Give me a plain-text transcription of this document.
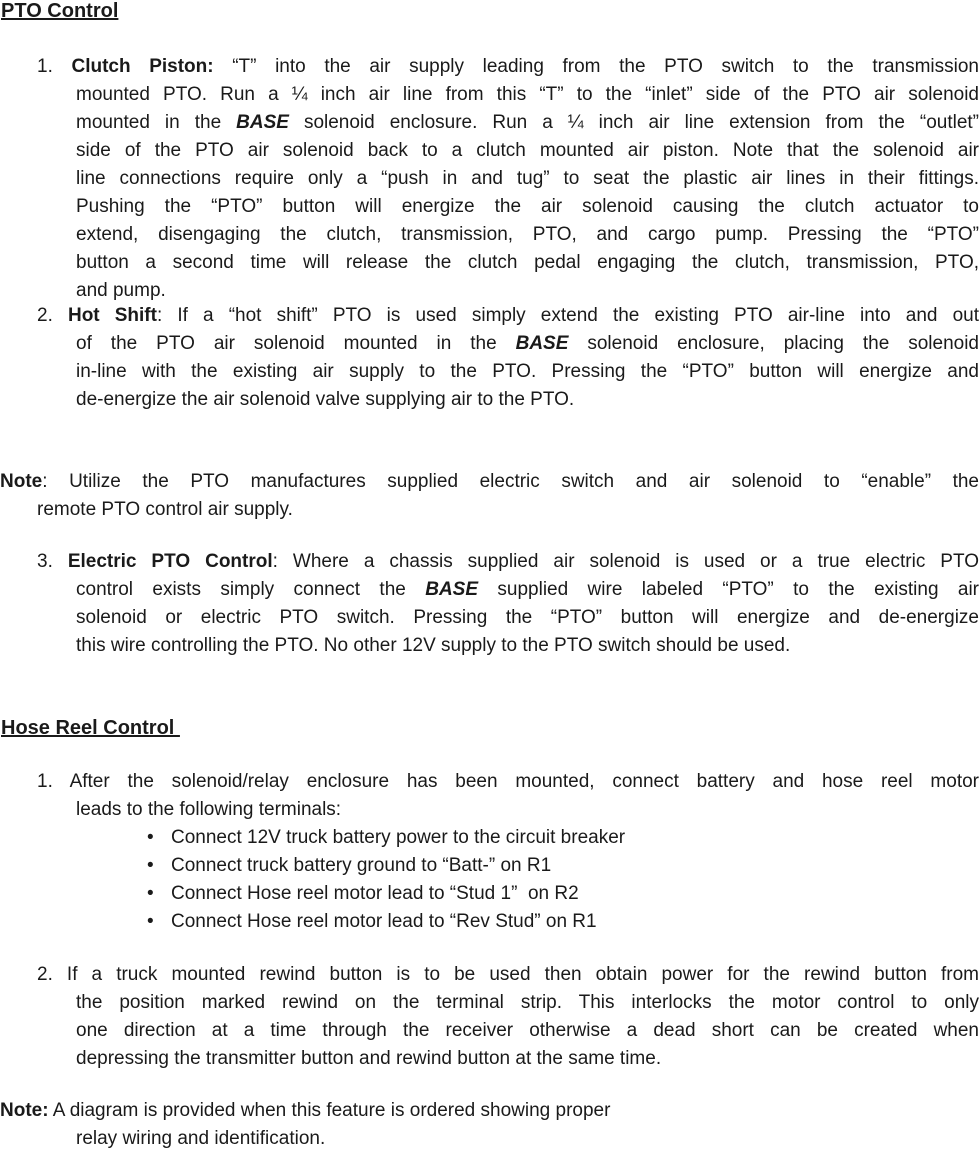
PTO Control
1. Clutch Piston: “T” into the air supply leading from the PTO switch to the transmission
mounted PTO. Run a ¼ inch air line from this “T” to the “inlet” side of the PTO air solenoid
mounted in the BASE solenoid enclosure. Run a ¼ inch air line extension from the “outlet”
side of the PTO air solenoid back to a clutch mounted air piston. Note that the solenoid air
line connections require only a “push in and tug” to seat the plastic air lines in their fittings.
Pushing the “PTO” button will energize the air solenoid causing the clutch actuator to
extend, disengaging the clutch, transmission, PTO, and cargo pump. Pressing the “PTO”
button a second time will release the clutch pedal engaging the clutch, transmission, PTO,
and pump.
2. Hot Shift: If a “hot shift” PTO is used simply extend the existing PTO air-line into and out
of the PTO air solenoid mounted in the BASE solenoid enclosure, placing the solenoid
in-line with the existing air supply to the PTO. Pressing the “PTO” button will energize and
de-energize the air solenoid valve supplying air to the PTO.
Note: Utilize the PTO manufactures supplied electric switch and air solenoid to “enable” the
remote PTO control air supply.
3. Electric PTO Control: Where a chassis supplied air solenoid is used or a true electric PTO
control exists simply connect the BASE supplied wire labeled “PTO” to the existing air
solenoid or electric PTO switch. Pressing the “PTO” button will energize and de-energize
this wire controlling the PTO. No other 12V supply to the PTO switch should be used.
Hose Reel Control
1. After the solenoid/relay enclosure has been mounted, connect battery and hose reel motor
leads to the following terminals:
• Connect 12V truck battery power to the circuit breaker
• Connect truck battery ground to “Batt-” on R1
• Connect Hose reel motor lead to “Stud 1”  on R2
• Connect Hose reel motor lead to “Rev Stud” on R1
2. If a truck mounted rewind button is to be used then obtain power for the rewind button from
the position marked rewind on the terminal strip. This interlocks the motor control to only
one direction at a time through the receiver otherwise a dead short can be created when
depressing the transmitter button and rewind button at the same time.
Note: A diagram is provided when this feature is ordered showing proper
relay wiring and identification.
